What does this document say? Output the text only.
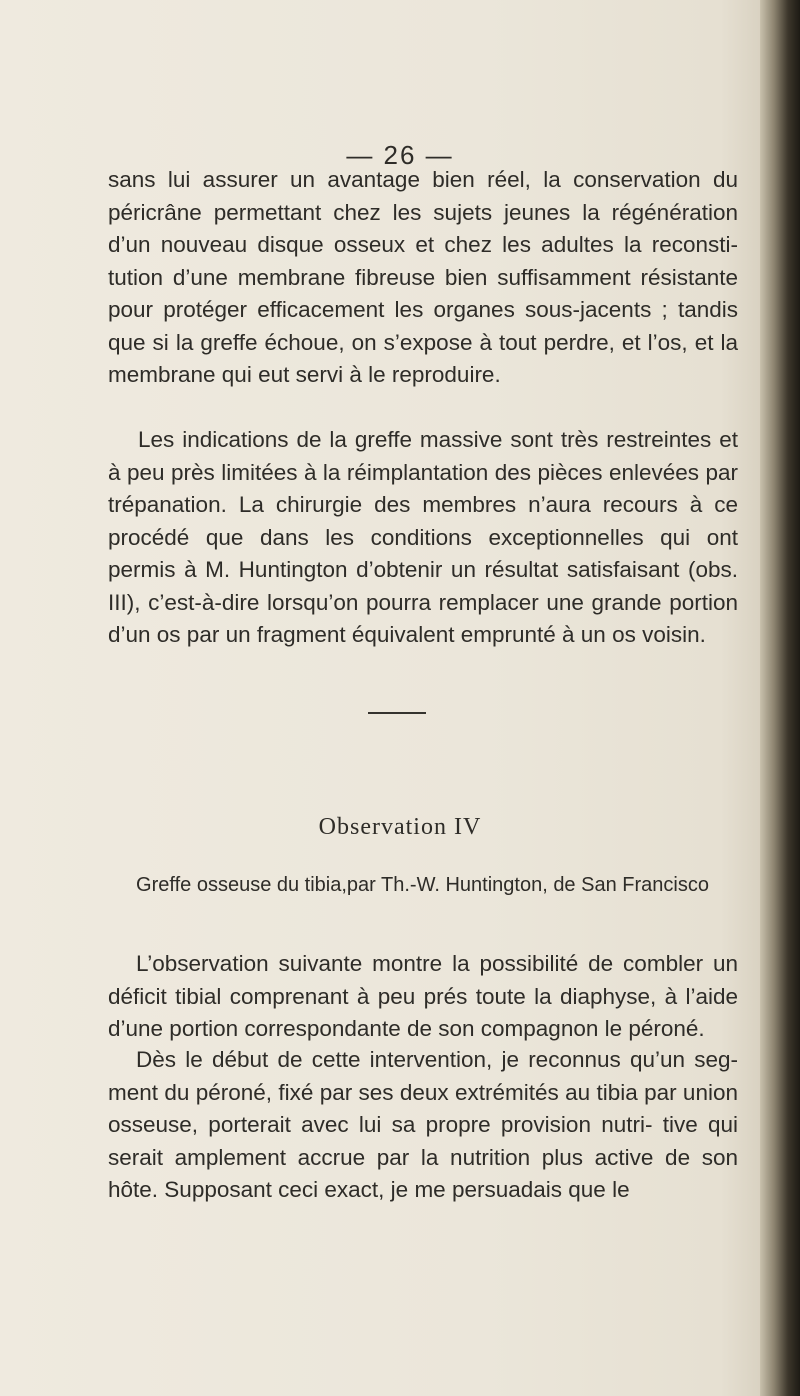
— 26 —
sans lui assurer un avantage bien réel, la conservation du péricrâne permettant chez les sujets jeunes la régénération d’un nouveau disque osseux et chez les adultes la reconsti- tution d’une membrane fibreuse bien suffisamment résistante pour protéger efficacement les organes sous-jacents ; tandis que si la greffe échoue, on s’expose à tout perdre, et l’os, et la membrane qui eut servi à le reproduire.
Les indications de la greffe massive sont très restreintes et à peu près limitées à la réimplantation des pièces enlevées par trépanation. La chirurgie des membres n’aura recours à ce procédé que dans les conditions exceptionnelles qui ont permis à M. Huntington d’obtenir un résultat satisfaisant (obs. III), c’est-à-dire lorsqu’on pourra remplacer une grande portion d’un os par un fragment équivalent emprunté à un os voisin.
Observation IV
Greffe osseuse du tibia,par Th.-W. Huntington, de San Francisco
L’observation suivante montre la possibilité de combler un déficit tibial comprenant à peu prés toute la diaphyse, à l’aide d’une portion correspondante de son compagnon le péroné.
Dès le début de cette intervention, je reconnus qu’un seg- ment du péroné, fixé par ses deux extrémités au tibia par union osseuse, porterait avec lui sa propre provision nutri- tive qui serait amplement accrue par la nutrition plus active de son hôte. Supposant ceci exact, je me persuadais que le
